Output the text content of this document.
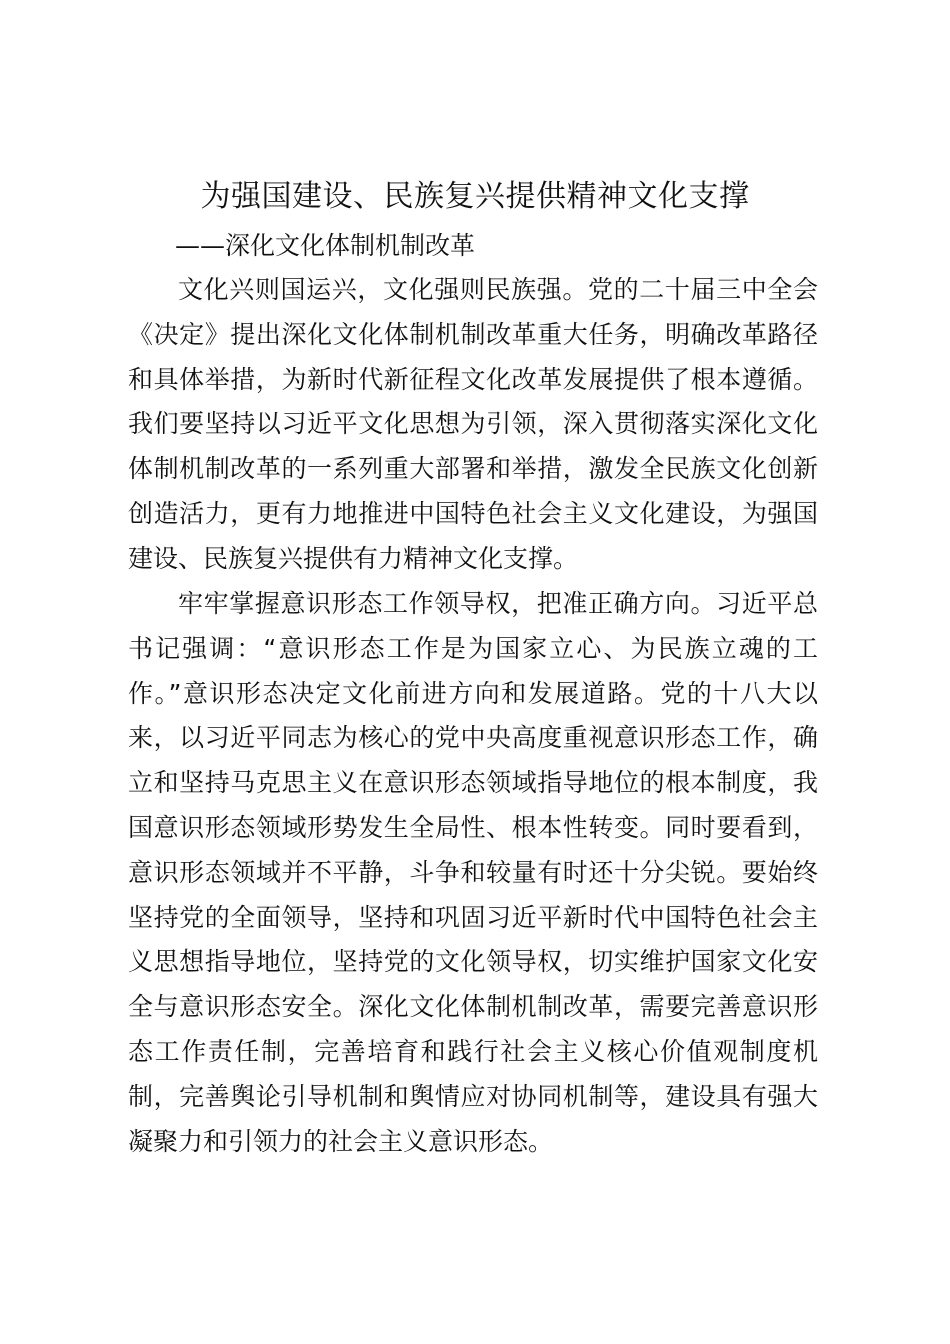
为强国建设、民族复兴提供精神文化支撑
——深化文化体制机制改革

文化兴则国运兴，文化强则民族强。党的二十届三中全会《决定》提出深化文化体制机制改革重大任务，明确改革路径和具体举措，为新时代新征程文化改革发展提供了根本遵循。我们要坚持以习近平文化思想为引领，深入贯彻落实深化文化体制机制改革的一系列重大部署和举措，激发全民族文化创新创造活力，更有力地推进中国特色社会主义文化建设，为强国建设、民族复兴提供有力精神文化支撑。

牢牢掌握意识形态工作领导权，把准正确方向。习近平总书记强调：“意识形态工作是为国家立心、为民族立魂的工作。”意识形态决定文化前进方向和发展道路。党的十八大以来，以习近平同志为核心的党中央高度重视意识形态工作，确立和坚持马克思主义在意识形态领域指导地位的根本制度，我国意识形态领域形势发生全局性、根本性转变。同时要看到，意识形态领域并不平静，斗争和较量有时还十分尖锐。要始终坚持党的全面领导，坚持和巩固习近平新时代中国特色社会主义思想指导地位，坚持党的文化领导权，切实维护国家文化安全与意识形态安全。深化文化体制机制改革，需要完善意识形态工作责任制，完善培育和践行社会主义核心价值观制度机制，完善舆论引导机制和舆情应对协同机制等，建设具有强大凝聚力和引领力的社会主义意识形态。
